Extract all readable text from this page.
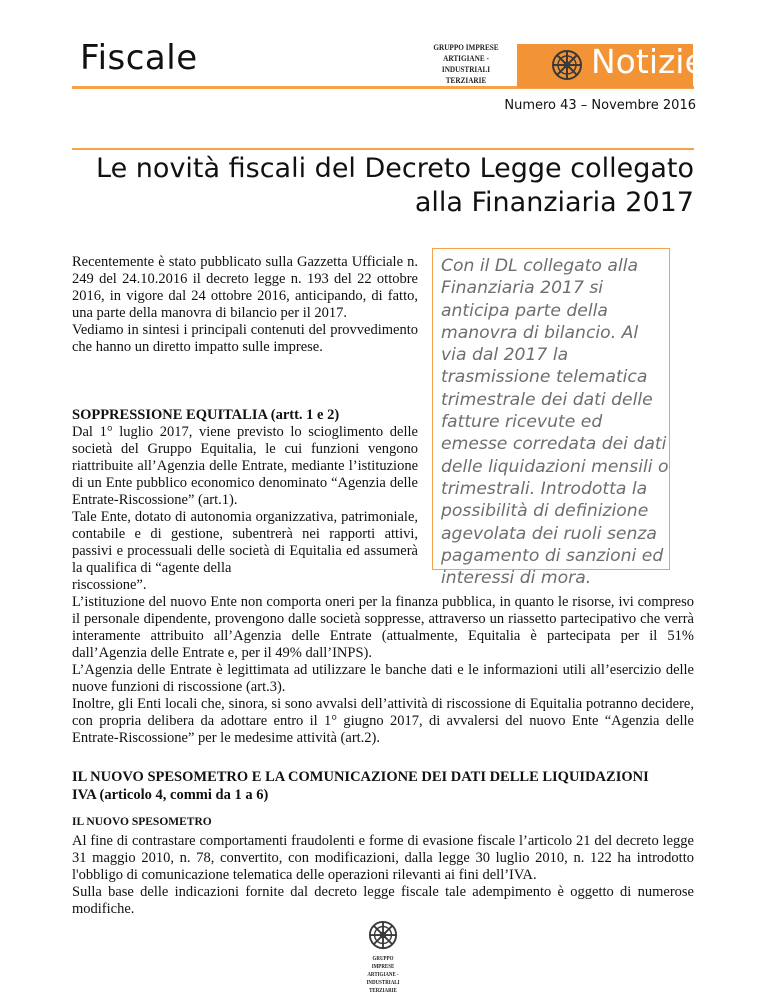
Fiscale	GRUPPO IMPRESE
ARTIGIANE - INDUSTRIALI
TERZIARIE	Notizie
Numero 43 – Novembre 2016
Le novità fiscali del Decreto Legge collegato
alla Finanziaria 2017

Recentemente è stato pubblicato sulla Gazzetta Ufficiale n. 249 del 24.10.2016 il decreto legge n. 193 del 22 ottobre 2016, in vigore dal 24 ottobre 2016, anticipando, di fatto, una parte della manovra di bilancio per il 2017.

Vediamo in sintesi i principali contenuti del provvedimento che hanno un diretto impatto sulle imprese.

SOPPRESSIONE EQUITALIA (artt. 1 e 2)

Dal 1° luglio 2017, viene previsto lo scioglimento delle società del Gruppo Equitalia, le cui funzioni vengono riattribuite all’Agenzia delle Entrate, mediante l’istituzione di un Ente pubblico economico denominato “Agenzia delle Entrate-Riscossione” (art.1).

Tale Ente, dotato di autonomia organizzativa, patrimoniale, contabile e di gestione, subentrerà nei rapporti attivi, passivi e processuali delle società di Equitalia ed assumerà la qualifica di “agente della

Con il DL collegato alla Finanziaria 2017 si anticipa parte della manovra di bilancio. Al via dal 2017 la trasmissione telematica trimestrale dei dati delle fatture ricevute ed emesse corredata dei dati delle liquidazioni mensili o trimestrali. Introdotta la possibilità di definizione agevolata dei ruoli senza pagamento di sanzioni ed interessi di mora.

riscossione”.

L’istituzione del nuovo Ente non comporta oneri per la finanza pubblica, in quanto le risorse, ivi compreso il personale dipendente, provengono dalle società soppresse, attraverso un riassetto partecipativo che verrà interamente attribuito all’Agenzia delle Entrate (attualmente, Equitalia è partecipata per il 51% dall’Agenzia delle Entrate e, per il 49% dall’INPS).

L’Agenzia delle Entrate è legittimata ad utilizzare le banche dati e le informazioni utili all’esercizio delle nuove funzioni di riscossione (art.3).

Inoltre, gli Enti locali che, sinora, si sono avvalsi dell’attività di riscossione di Equitalia potranno decidere, con propria delibera da adottare entro il 1° giugno 2017, di avvalersi del nuovo Ente “Agenzia delle Entrate-Riscossione” per le medesime attività (art.2).

IL NUOVO SPESOMETRO E LA COMUNICAZIONE DEI DATI DELLE LIQUIDAZIONI

IVA (articolo 4, commi da 1 a 6)

IL NUOVO SPESOMETRO

Al fine di contrastare comportamenti fraudolenti e forme di evasione fiscale l’articolo 21 del decreto legge 31 maggio 2010, n. 78, convertito, con modificazioni, dalla legge 30 luglio 2010, n. 122 ha introdotto l'obbligo di comunicazione telematica delle operazioni rilevanti ai fini dell’IVA.

Sulla base delle indicazioni fornite dal decreto legge fiscale tale adempimento è oggetto di numerose modifiche.

GRUPPO IMPRESE
ARTIGIANE - INDUSTRIALI
TERZIARIE
